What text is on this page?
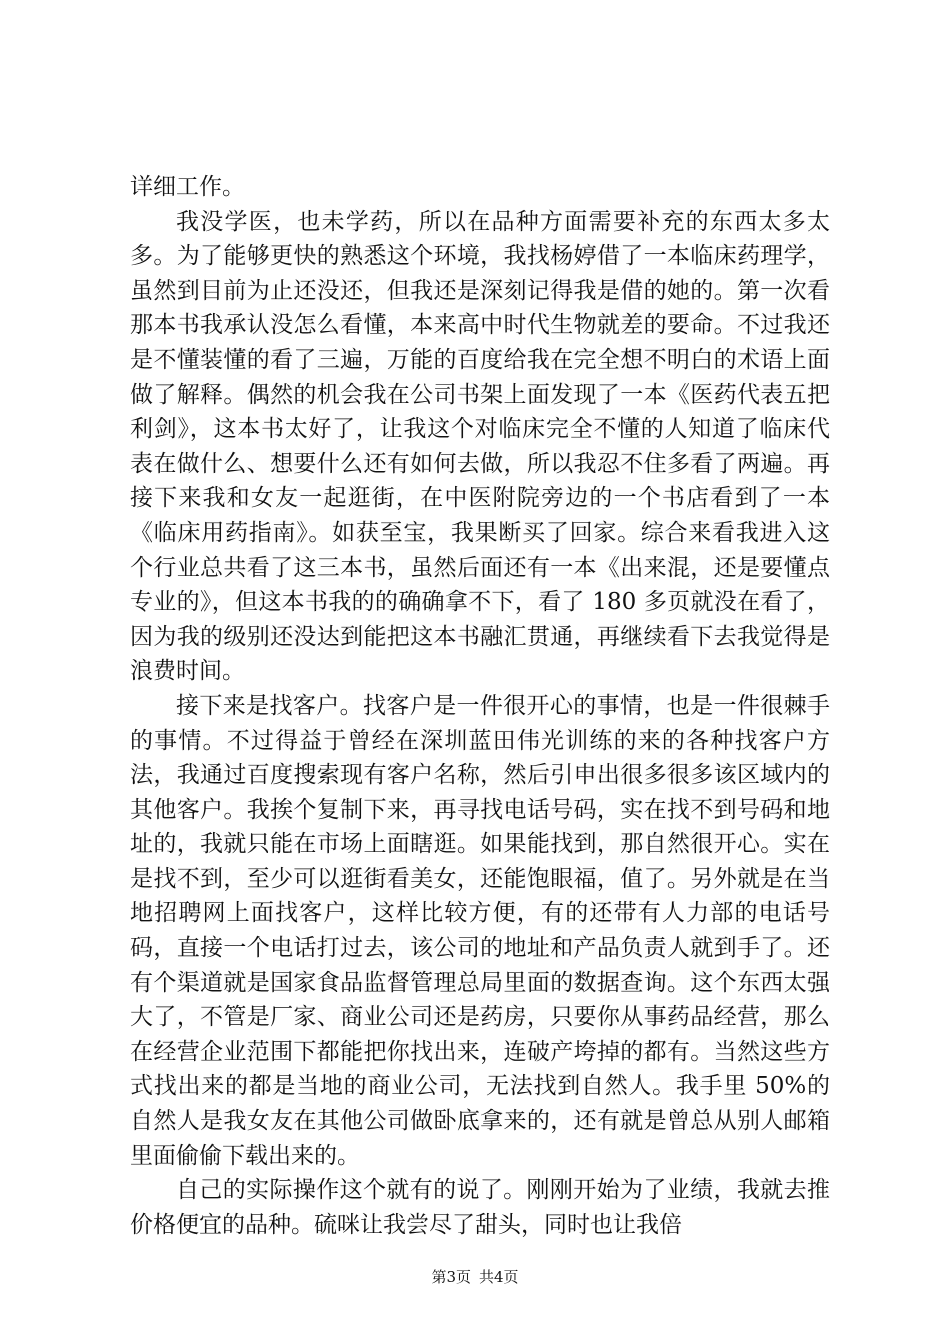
详细工作。

我没学医，也未学药，所以在品种方面需要补充的东西太多太多。为了能够更快的熟悉这个环境，我找杨婷借了一本临床药理学，虽然到目前为止还没还，但我还是深刻记得我是借的她的。第一次看那本书我承认没怎么看懂，本来高中时代生物就差的要命。不过我还是不懂装懂的看了三遍，万能的百度给我在完全想不明白的术语上面做了解释。偶然的机会我在公司书架上面发现了一本《医药代表五把利剑》，这本书太好了，让我这个对临床完全不懂的人知道了临床代表在做什么、想要什么还有如何去做，所以我忍不住多看了两遍。再接下来我和女友一起逛街，在中医附院旁边的一个书店看到了一本《临床用药指南》。如获至宝，我果断买了回家。综合来看我进入这个行业总共看了这三本书，虽然后面还有一本《出来混，还是要懂点专业的》，但这本书我的的确确拿不下，看了 180 多页就没在看了，因为我的级别还没达到能把这本书融汇贯通，再继续看下去我觉得是浪费时间。

接下来是找客户。找客户是一件很开心的事情，也是一件很棘手的事情。不过得益于曾经在深圳蓝田伟光训练的来的各种找客户方法，我通过百度搜索现有客户名称，然后引申出很多很多该区域内的其他客户。我挨个复制下来，再寻找电话号码，实在找不到号码和地址的，我就只能在市场上面瞎逛。如果能找到，那自然很开心。实在是找不到，至少可以逛街看美女，还能饱眼福，值了。另外就是在当地招聘网上面找客户，这样比较方便，有的还带有人力部的电话号码，直接一个电话打过去，该公司的地址和产品负责人就到手了。还有个渠道就是国家食品监督管理总局里面的数据查询。这个东西太强大了，不管是厂家、商业公司还是药房，只要你从事药品经营，那么在经营企业范围下都能把你找出来，连破产垮掉的都有。当然这些方式找出来的都是当地的商业公司，无法找到自然人。我手里 50%的自然人是我女友在其他公司做卧底拿来的，还有就是曾总从别人邮箱里面偷偷下载出来的。

自己的实际操作这个就有的说了。刚刚开始为了业绩，我就去推价格便宜的品种。硫咪让我尝尽了甜头，同时也让我倍

第3页 共4页
